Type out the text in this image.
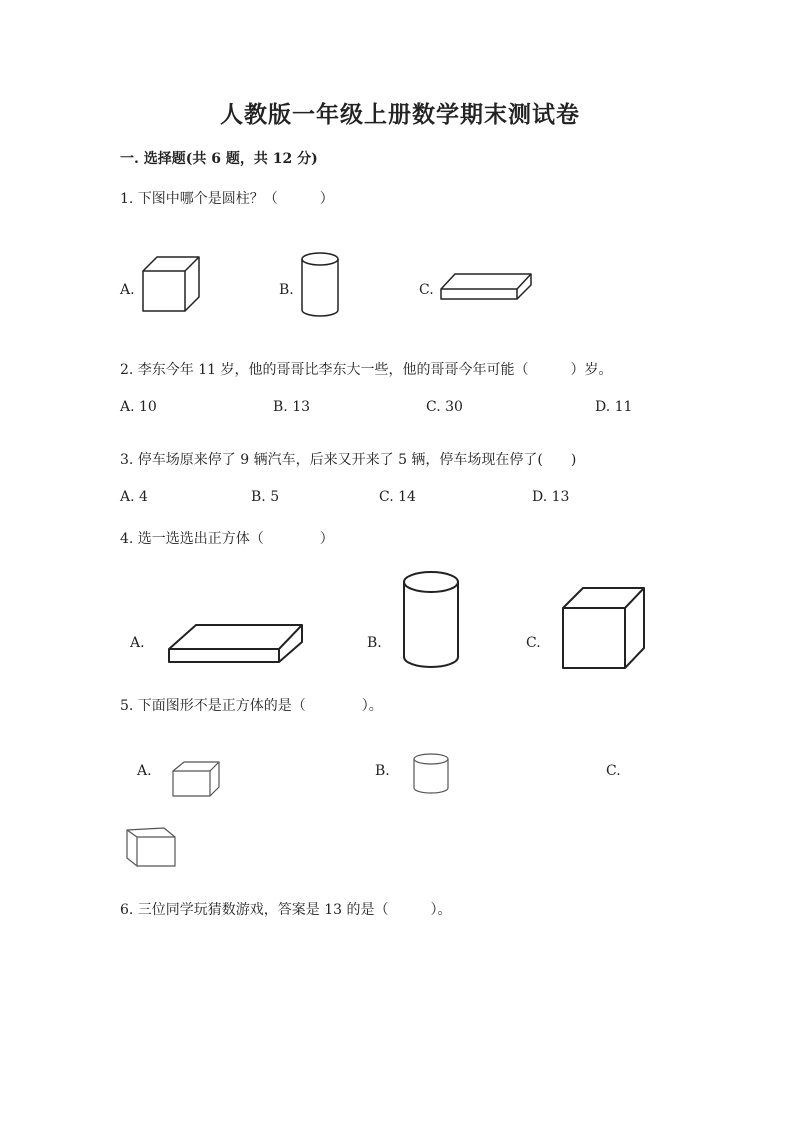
人教版一年级上册数学期末测试卷
一. 选择题(共 6 题，共 12 分)
1. 下图中哪个是圆柱？（　　　）
A.	B.	C.
2. 李东今年 11 岁，他的哥哥比李东大一些，他的哥哥今年可能（　　　）岁。
A. 10	B. 13	C. 30	D. 11
3. 停车场原来停了 9 辆汽车，后来又开来了 5 辆，停车场现在停了(　　)
A. 4	B. 5	C. 14	D. 13
4. 选一选选出正方体（　　　　）
A.	B.	C.
5. 下面图形不是正方体的是（　　　　）。
A.	B.	C.
6. 三位同学玩猜数游戏，答案是 13 的是（　　　）。
